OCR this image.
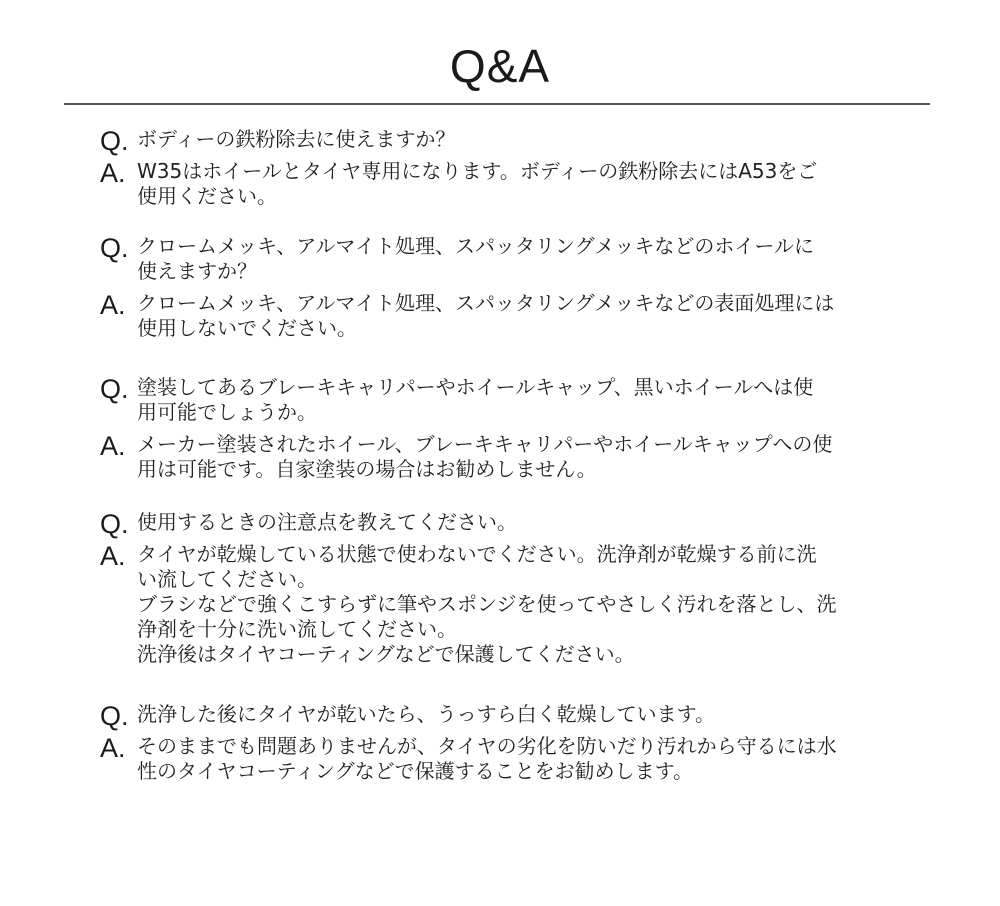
Q&A
Q. ボディーの鉄粉除去に使えますか？
A. W35はホイールとタイヤ専用になります。ボディーの鉄粉除去にはA53をご
使用ください。
Q. クロームメッキ、アルマイト処理、スパッタリングメッキなどのホイールに
使えますか？
A. クロームメッキ、アルマイト処理、スパッタリングメッキなどの表面処理には
使用しないでください。
Q. 塗装してあるブレーキキャリパーやホイールキャップ、黒いホイールへは使
用可能でしょうか。
A. メーカー塗装されたホイール、ブレーキキャリパーやホイールキャップへの使
用は可能です。自家塗装の場合はお勧めしません。
Q. 使用するときの注意点を教えてください。
A. タイヤが乾燥している状態で使わないでください。洗浄剤が乾燥する前に洗
い流してください。
ブラシなどで強くこすらずに筆やスポンジを使ってやさしく汚れを落とし、洗
浄剤を十分に洗い流してください。
洗浄後はタイヤコーティングなどで保護してください。
Q. 洗浄した後にタイヤが乾いたら、うっすら白く乾燥しています。
A. そのままでも問題ありませんが、タイヤの劣化を防いだり汚れから守るには水
性のタイヤコーティングなどで保護することをお勧めします。
